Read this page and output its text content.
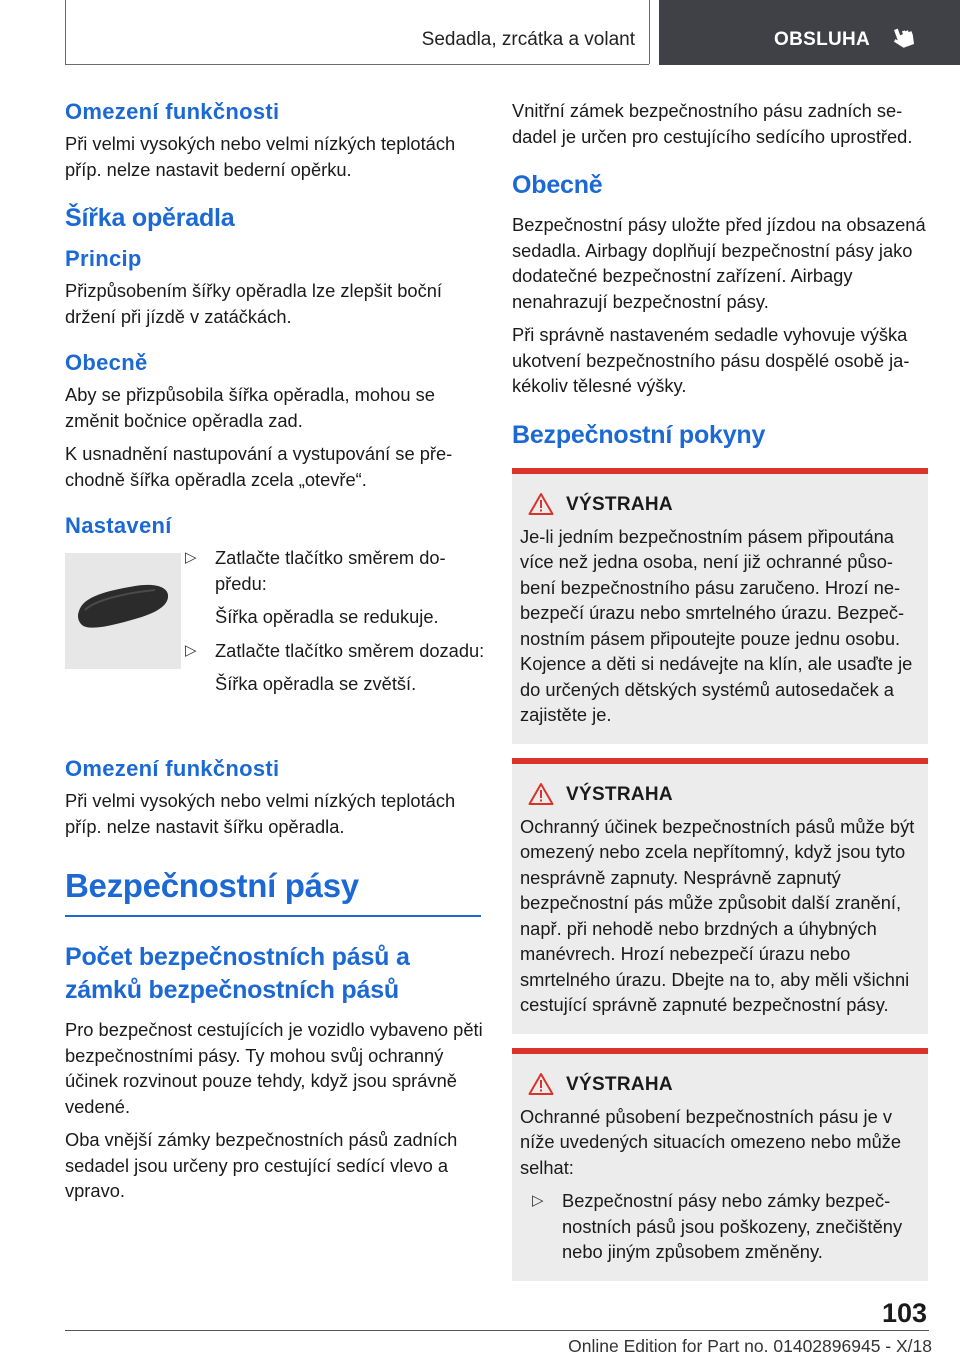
Sedadla, zrcátka a volant	OBSLUHA
Omezení funkčnosti

Při velmi vysokých nebo velmi nízkých teplotách příp. nelze nastavit bederní opěrku.

Šířka opěradla
Princip

Přizpůsobením šířky opěradla lze zlepšit boční držení při jízdě v zatáčkách.

Obecně

Aby se přizpůsobila šířka opěradla, mohou se změnit bočnice opěradla zad.

K usnadnění nastupování a vystupování se přechodně šířka opěradla zcela „otevře“.

Nastavení
▷ Zatlačte tlačítko směrem dopředu:
Šířka opěradla se redukuje.
▷ Zatlačte tlačítko směrem dozadu:
Šířka opěradla se zvětší.
Omezení funkčnosti

Při velmi vysokých nebo velmi nízkých teplotách příp. nelze nastavit šířku opěradla.

Bezpečnostní pásy
Počet bezpečnostních pásů a zámků bezpečnostních pásů

Pro bezpečnost cestujících je vozidlo vybaveno pěti bezpečnostními pásy. Ty mohou svůj ochranný účinek rozvinout pouze tehdy, když jsou správně vedené.

Oba vnější zámky bezpečnostních pásů zadních sedadel jsou určeny pro cestující sedící vlevo a vpravo.

Vnitřní zámek bezpečnostního pásu zadních sedadel je určen pro cestujícího sedícího uprostřed.

Obecně

Bezpečnostní pásy uložte před jízdou na obsazená sedadla. Airbagy doplňují bezpečnostní pásy jako dodatečné bezpečnostní zařízení. Airbagy nenahrazují bezpečnostní pásy.

Při správně nastaveném sedadle vyhovuje výška ukotvení bezpečnostního pásu dospělé osobě jakékoliv tělesné výšky.

Bezpečnostní pokyny
VÝSTRAHA

Je-li jedním bezpečnostním pásem připoutána více než jedna osoba, není již ochranné působení bezpečnostního pásu zaručeno. Hrozí nebezpečí úrazu nebo smrtelného úrazu. Bezpečnostním pásem připoutejte pouze jednu osobu. Kojence a děti si nedávejte na klín, ale usaďte je do určených dětských systémů autosedaček a zajistěte je.

VÝSTRAHA

Ochranný účinek bezpečnostních pásů může být omezený nebo zcela nepřítomný, když jsou tyto nesprávně zapnuty. Nesprávně zapnutý bezpečnostní pás může způsobit další zranění, např. při nehodě nebo brzdných a úhybných manévrech. Hrozí nebezpečí úrazu nebo smrtelného úrazu. Dbejte na to, aby měli všichni cestující správně zapnuté bezpečnostní pásy.

VÝSTRAHA

Ochranné působení bezpečnostních pásu je v níže uvedených situacích omezeno nebo může selhat:

▷ Bezpečnostní pásy nebo zámky bezpečnostních pásů jsou poškozeny, znečištěny nebo jiným způsobem změněny.
103
Online Edition for Part no. 01402896945 - X/18
